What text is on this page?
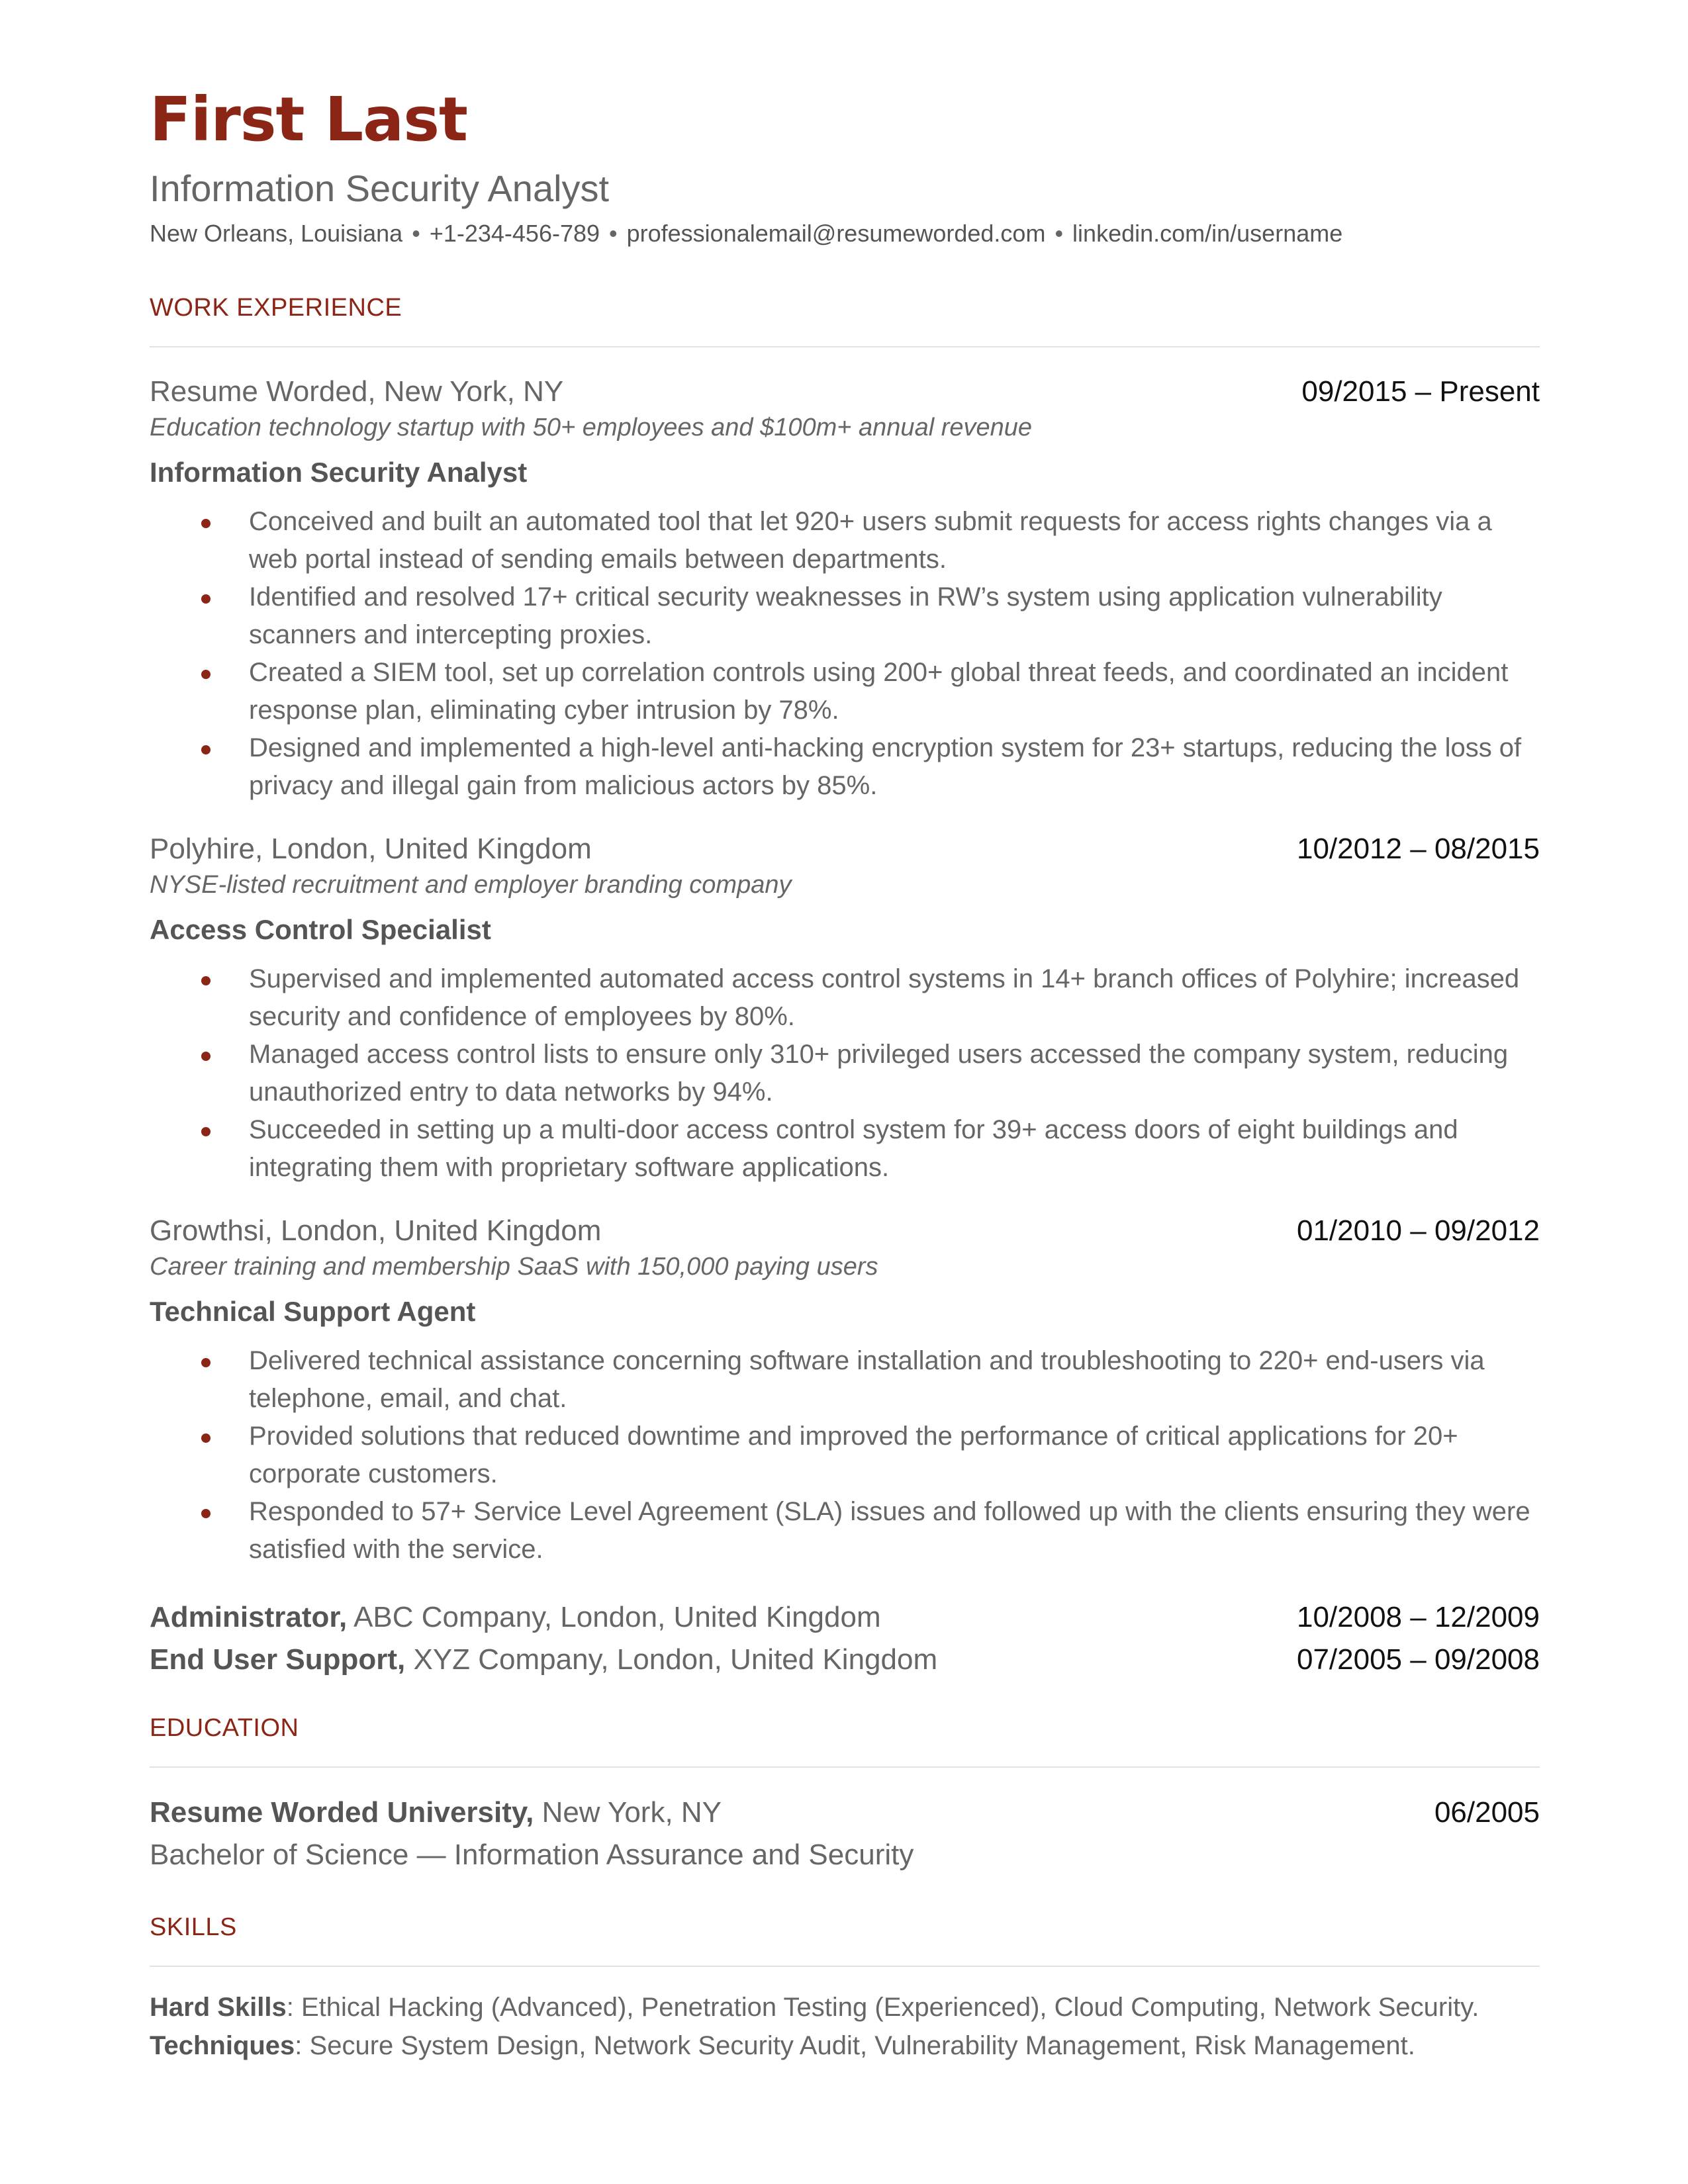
First Last
Information Security Analyst
New Orleans, Louisiana • +1-234-456-789 • professionalemail@resumeworded.com • linkedin.com/in/username
WORK EXPERIENCE
Resume Worded, New York, NY	09/2015 – Present
Education technology startup with 50+ employees and $100m+ annual revenue
Information Security Analyst
Conceived and built an automated tool that let 920+ users submit requests for access rights changes via a web portal instead of sending emails between departments.
Identified and resolved 17+ critical security weaknesses in RW’s system using application vulnerability scanners and intercepting proxies.
Created a SIEM tool, set up correlation controls using 200+ global threat feeds, and coordinated an incident response plan, eliminating cyber intrusion by 78%.
Designed and implemented a high-level anti-hacking encryption system for 23+ startups, reducing the loss of privacy and illegal gain from malicious actors by 85%.
Polyhire, London, United Kingdom	10/2012 – 08/2015
NYSE-listed recruitment and employer branding company
Access Control Specialist
Supervised and implemented automated access control systems in 14+ branch offices of Polyhire; increased security and confidence of employees by 80%.
Managed access control lists to ensure only 310+ privileged users accessed the company system, reducing unauthorized entry to data networks by 94%.
Succeeded in setting up a multi-door access control system for 39+ access doors of eight buildings and integrating them with proprietary software applications.
Growthsi, London, United Kingdom	01/2010 – 09/2012
Career training and membership SaaS with 150,000 paying users
Technical Support Agent
Delivered technical assistance concerning software installation and troubleshooting to 220+ end-users via telephone, email, and chat.
Provided solutions that reduced downtime and improved the performance of critical applications for 20+ corporate customers.
Responded to 57+ Service Level Agreement (SLA) issues and followed up with the clients ensuring they were satisfied with the service.
Administrator, ABC Company, London, United Kingdom	10/2008 – 12/2009
End User Support, XYZ Company, London, United Kingdom	07/2005 – 09/2008
EDUCATION
Resume Worded University, New York, NY	06/2005
Bachelor of Science — Information Assurance and Security
SKILLS
Hard Skills: Ethical Hacking (Advanced), Penetration Testing (Experienced), Cloud Computing, Network Security.
Techniques: Secure System Design, Network Security Audit, Vulnerability Management, Risk Management.
